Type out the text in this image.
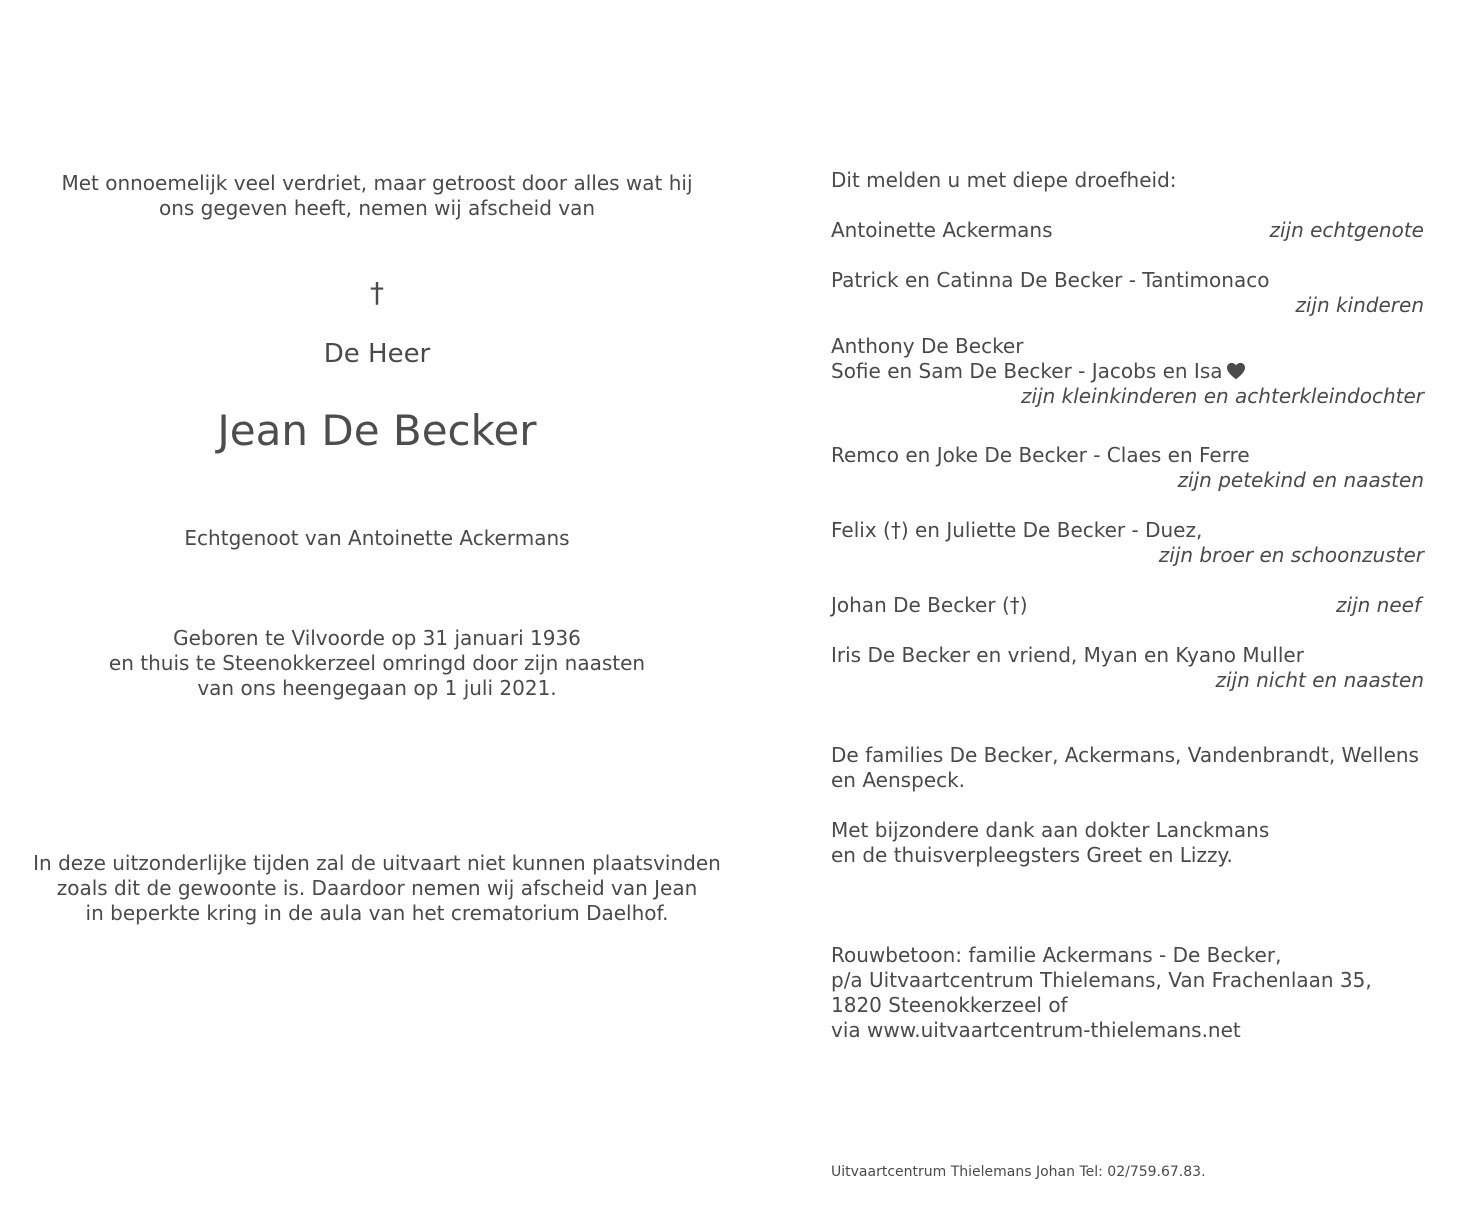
Met onnoemelijk veel verdriet, maar getroost door alles wat hij
ons gegeven heeft, nemen wij afscheid van
†
De Heer
Jean De Becker
Echtgenoot van Antoinette Ackermans
Geboren te Vilvoorde op 31 januari 1936
en thuis te Steenokkerzeel omringd door zijn naasten
van ons heengegaan op 1 juli 2021.
In deze uitzonderlijke tijden zal de uitvaart niet kunnen plaatsvinden
zoals dit de gewoonte is. Daardoor nemen wij afscheid van Jean
in beperkte kring in de aula van het crematorium Daelhof.
Dit melden u met diepe droefheid:
Antoinette Ackermans	zijn echtgenote
Patrick en Catinna De Becker - Tantimonaco
zijn kinderen
Anthony De Becker
Sofie en Sam De Becker - Jacobs en Isa
zijn kleinkinderen en achterkleindochter
Remco en Joke De Becker - Claes en Ferre
zijn petekind en naasten
Felix (†) en Juliette De Becker - Duez,
zijn broer en schoonzuster
Johan De Becker (†)	zijn neef
Iris De Becker en vriend, Myan en Kyano Muller
zijn nicht en naasten
De families De Becker, Ackermans, Vandenbrandt, Wellens
en Aenspeck.
Met bijzondere dank aan dokter Lanckmans
en de thuisverpleegsters Greet en Lizzy.
Rouwbetoon: familie Ackermans - De Becker,
p/a Uitvaartcentrum Thielemans, Van Frachenlaan 35,
1820 Steenokkerzeel of
via www.uitvaartcentrum-thielemans.net
Uitvaartcentrum Thielemans Johan Tel: 02/759.67.83.
